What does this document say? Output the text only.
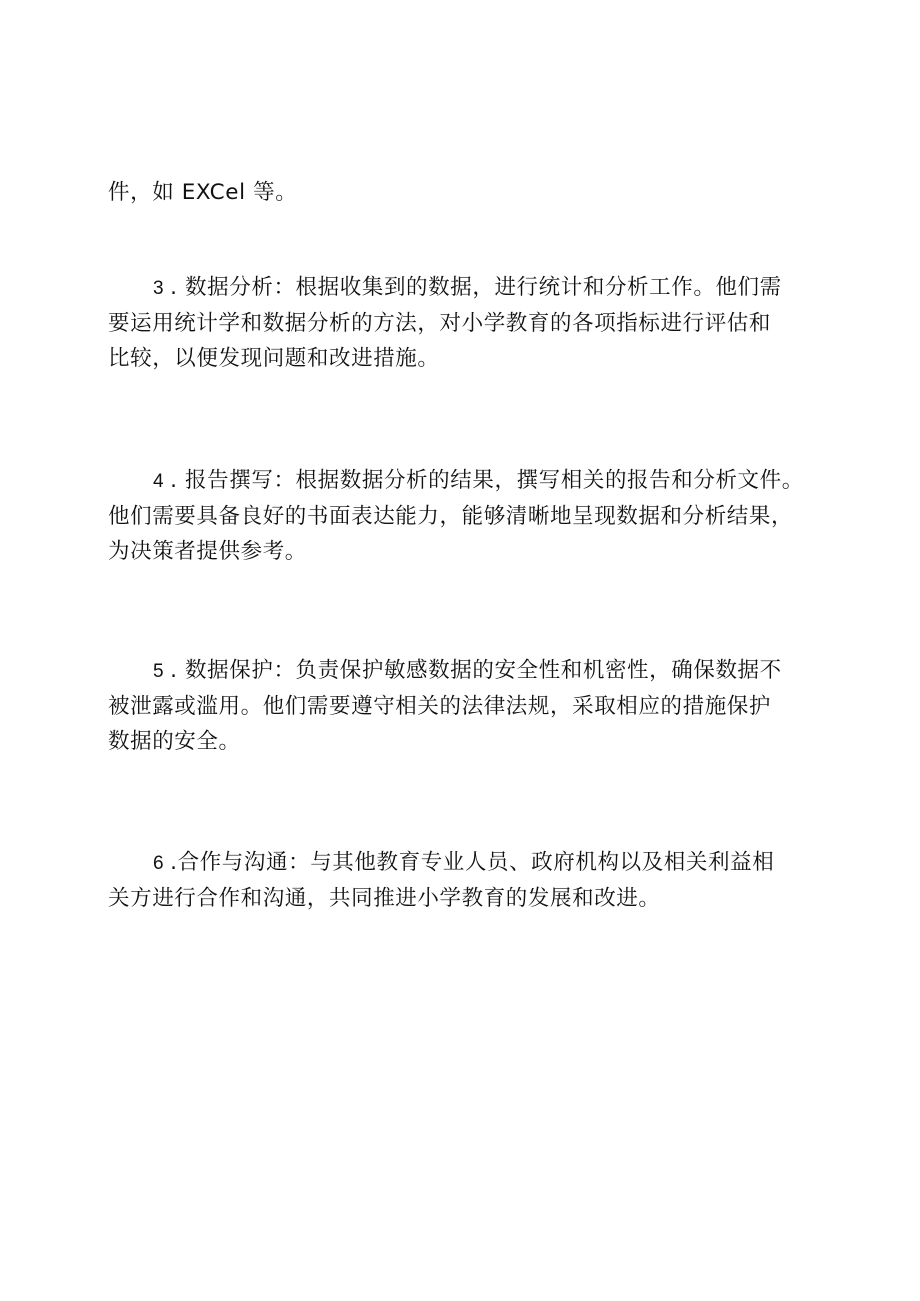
件，如 EXCel 等。

3 . 数据分析：根据收集到的数据，进行统计和分析工作。他们需
要运用统计学和数据分析的方法，对小学教育的各项指标进行评估和
比较，以便发现问题和改进措施。

4 . 报告撰写：根据数据分析的结果，撰写相关的报告和分析文件。
他们需要具备良好的书面表达能力，能够清晰地呈现数据和分析结果，
为决策者提供参考。

5 . 数据保护：负责保护敏感数据的安全性和机密性，确保数据不
被泄露或滥用。他们需要遵守相关的法律法规，采取相应的措施保护
数据的安全。

6 .合作与沟通：与其他教育专业人员、政府机构以及相关利益相
关方进行合作和沟通，共同推进小学教育的发展和改进。
